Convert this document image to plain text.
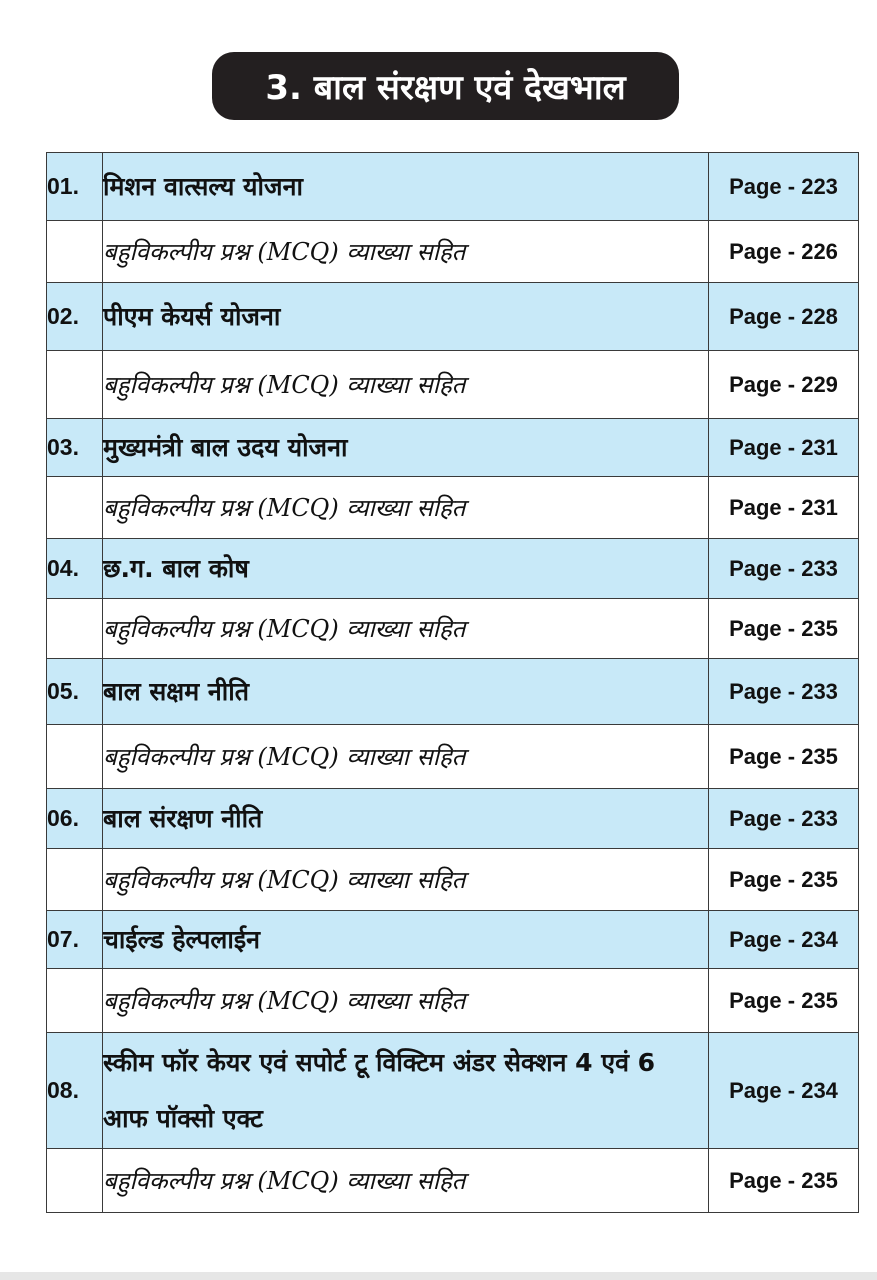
3. बाल संरक्षण एवं देखभाल
01.	मिशन वात्सल्य योजना	Page - 223
	बहुविकल्पीय प्रश्न (MCQ) व्याख्या सहित	Page - 226
02.	पीएम केयर्स योजना	Page - 228
	बहुविकल्पीय प्रश्न (MCQ) व्याख्या सहित	Page - 229
03.	मुख्यमंत्री बाल उदय योजना	Page - 231
	बहुविकल्पीय प्रश्न (MCQ) व्याख्या सहित	Page - 231
04.	छ.ग. बाल कोष	Page - 233
	बहुविकल्पीय प्रश्न (MCQ) व्याख्या सहित	Page - 235
05.	बाल सक्षम नीति	Page - 233
	बहुविकल्पीय प्रश्न (MCQ) व्याख्या सहित	Page - 235
06.	बाल संरक्षण नीति	Page - 233
	बहुविकल्पीय प्रश्न (MCQ) व्याख्या सहित	Page - 235
07.	चाईल्ड हेल्पलाईन	Page - 234
	बहुविकल्पीय प्रश्न (MCQ) व्याख्या सहित	Page - 235
08.	स्कीम फॉर केयर एवं सपोर्ट टू विक्टिम अंडर सेक्शन 4 एवं 6 आफ पॉक्सो एक्ट	Page - 234
	बहुविकल्पीय प्रश्न (MCQ) व्याख्या सहित	Page - 235
